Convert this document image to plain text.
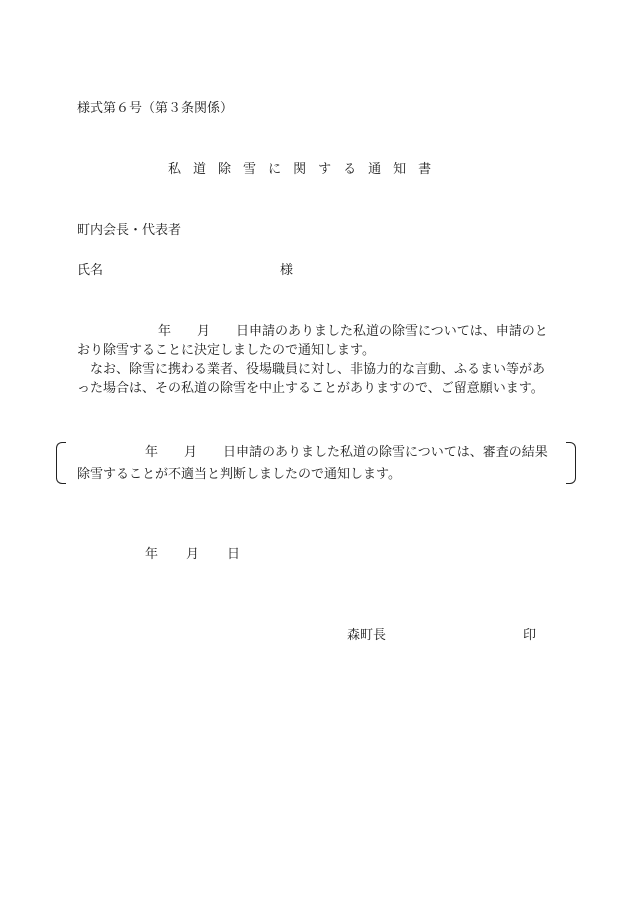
様式第６号（第３条関係）
私 道 除 雪 に 関 す る 通 知 書
町内会長・代表者
氏名	様
年　　月　　日申請のありました私道の除雪については、申請のとおり除雪することに決定しましたので通知します。
なお、除雪に携わる業者、役場職員に対し、非協力的な言動、ふるまい等があった場合は、その私道の除雪を中止することがありますので、ご留意願います。
年　　月　　日申請のありました私道の除雪については、審査の結果除雪することが不適当と判断しましたので通知します。
年 月 日
森町長	印
